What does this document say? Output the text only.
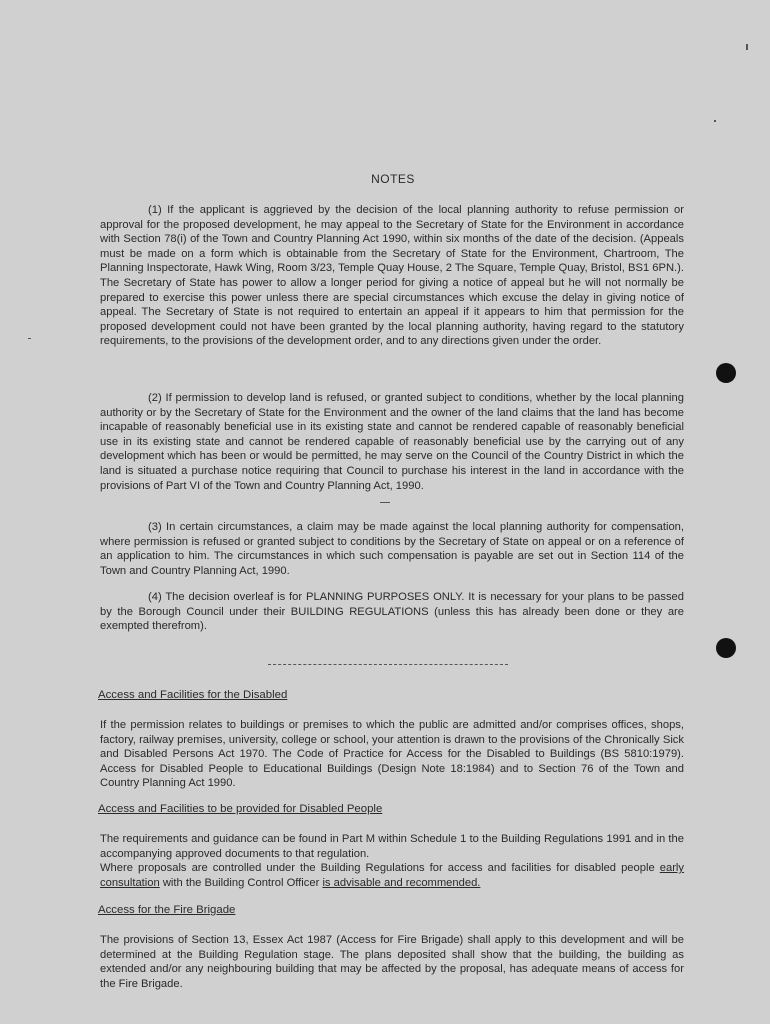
NOTES
(1) If the applicant is aggrieved by the decision of the local planning authority to refuse permission or approval for the proposed development, he may appeal to the Secretary of State for the Environment in accordance with Section 78(i) of the Town and Country Planning Act 1990, within six months of the date of the decision. (Appeals must be made on a form which is obtainable from the Secretary of State for the Environment, Chartroom, The Planning Inspectorate, Hawk Wing, Room 3/23, Temple Quay House, 2 The Square, Temple Quay, Bristol, BS1 6PN.). The Secretary of State has power to allow a longer period for giving a notice of appeal but he will not normally be prepared to exercise this power unless there are special circumstances which excuse the delay in giving notice of appeal. The Secretary of State is not required to entertain an appeal if it appears to him that permission for the proposed development could not have been granted by the local planning authority, having regard to the statutory requirements, to the provisions of the development order, and to any directions given under the order.
(2) If permission to develop land is refused, or granted subject to conditions, whether by the local planning authority or by the Secretary of State for the Environment and the owner of the land claims that the land has become incapable of reasonably beneficial use in its existing state and cannot be rendered capable of reasonably beneficial use in its existing state and cannot be rendered capable of reasonably beneficial use by the carrying out of any development which has been or would be permitted, he may serve on the Council of the Country District in which the land is situated a purchase notice requiring that Council to purchase his interest in the land in accordance with the provisions of Part VI of the Town and Country Planning Act, 1990.
(3) In certain circumstances, a claim may be made against the local planning authority for compensation, where permission is refused or granted subject to conditions by the Secretary of State on appeal or on a reference of an application to him. The circumstances in which such compensation is payable are set out in Section 114 of the Town and Country Planning Act, 1990.
(4) The decision overleaf is for PLANNING PURPOSES ONLY. It is necessary for your plans to be passed by the Borough Council under their BUILDING REGULATIONS (unless this has already been done or they are exempted therefrom).
Access and Facilities for the Disabled
If the permission relates to buildings or premises to which the public are admitted and/or comprises offices, shops, factory, railway premises, university, college or school, your attention is drawn to the provisions of the Chronically Sick and Disabled Persons Act 1970. The Code of Practice for Access for the Disabled to Buildings (BS 5810:1979). Access for Disabled People to Educational Buildings (Design Note 18:1984) and to Section 76 of the Town and Country Planning Act 1990.
Access and Facilities to be provided for Disabled People
The requirements and guidance can be found in Part M within Schedule 1 to the Building Regulations 1991 and in the accompanying approved documents to that regulation.
Where proposals are controlled under the Building Regulations for access and facilities for disabled people early consultation with the Building Control Officer is advisable and recommended.
Access for the Fire Brigade
The provisions of Section 13, Essex Act 1987 (Access for Fire Brigade) shall apply to this development and will be determined at the Building Regulation stage. The plans deposited shall show that the building, the building as extended and/or any neighbouring building that may be affected by the proposal, has adequate means of access for the Fire Brigade.
